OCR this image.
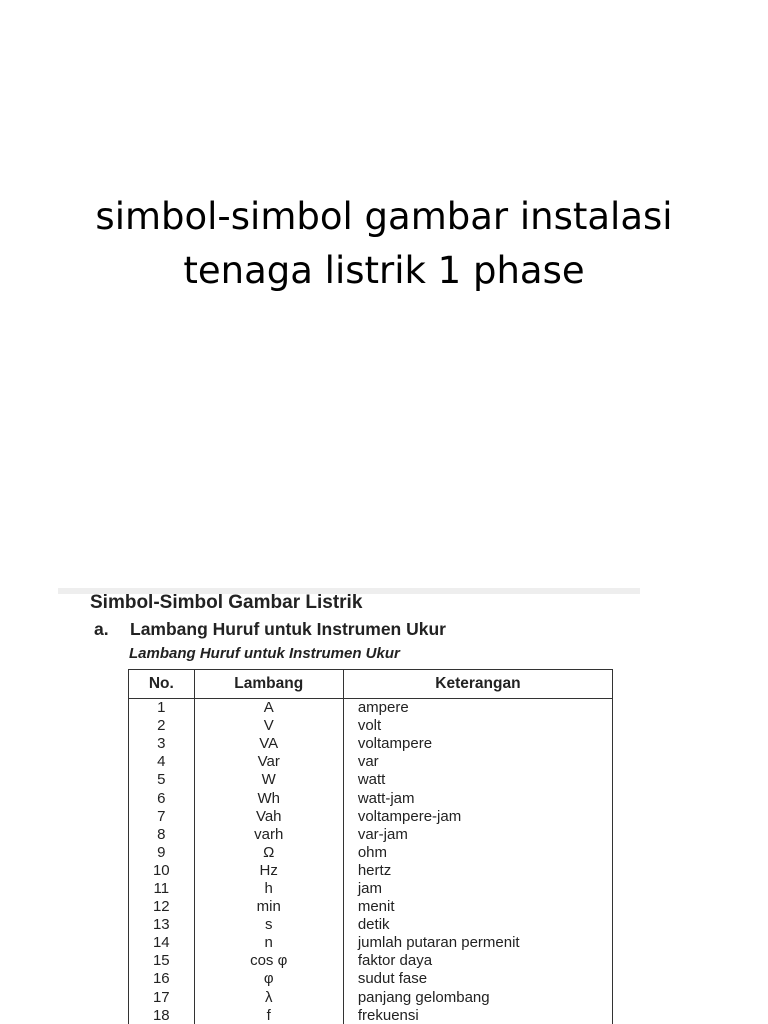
simbol-simbol gambar instalasi
tenaga listrik 1 phase
Simbol-Simbol Gambar Listrik
a. Lambang Huruf untuk Instrumen Ukur
Lambang Huruf untuk Instrumen Ukur
No.	Lambang	Keterangan
1	A	ampere
2	V	volt
3	VA	voltampere
4	Var	var
5	W	watt
6	Wh	watt-jam
7	Vah	voltampere-jam
8	varh	var-jam
9	Ω	ohm
10	Hz	hertz
11	h	jam
12	min	menit
13	s	detik
14	n	jumlah putaran permenit
15	cos φ	faktor daya
16	φ	sudut fase
17	λ	panjang gelombang
18	f	frekuensi
